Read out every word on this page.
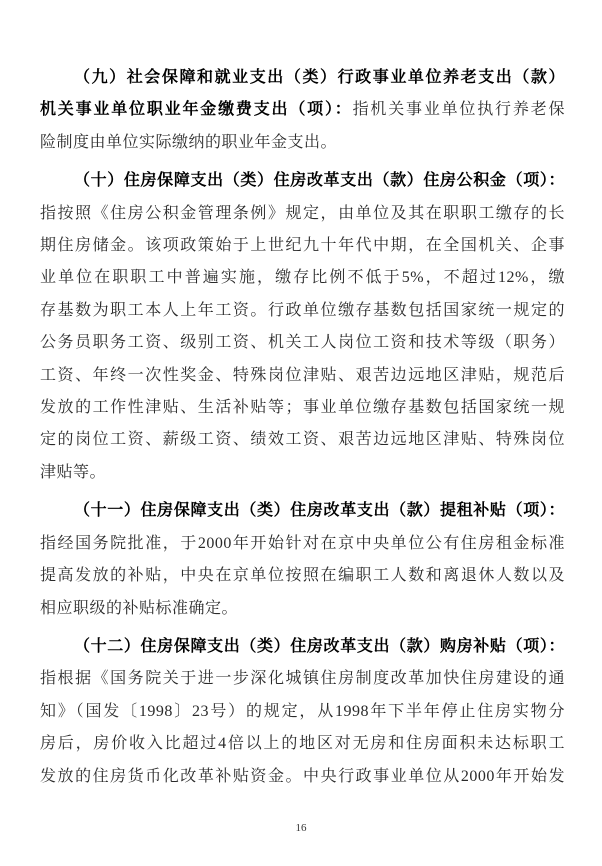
（九）社会保障和就业支出（类）行政事业单位养老支出（款）
机关事业单位职业年金缴费支出（项）：指机关事业单位执行养老保
险制度由单位实际缴纳的职业年金支出。
（十）住房保障支出（类）住房改革支出（款）住房公积金（项）：
指按照《住房公积金管理条例》规定，由单位及其在职职工缴存的长
期住房储金。该项政策始于上世纪九十年代中期，在全国机关、企事
业单位在职职工中普遍实施，缴存比例不低于5%，不超过12%，缴
存基数为职工本人上年工资。行政单位缴存基数包括国家统一规定的
公务员职务工资、级别工资、机关工人岗位工资和技术等级（职务）
工资、年终一次性奖金、特殊岗位津贴、艰苦边远地区津贴，规范后
发放的工作性津贴、生活补贴等；事业单位缴存基数包括国家统一规
定的岗位工资、薪级工资、绩效工资、艰苦边远地区津贴、特殊岗位
津贴等。
（十一）住房保障支出（类）住房改革支出（款）提租补贴（项）：
指经国务院批准，于2000年开始针对在京中央单位公有住房租金标准
提高发放的补贴，中央在京单位按照在编职工人数和离退休人数以及
相应职级的补贴标准确定。
（十二）住房保障支出（类）住房改革支出（款）购房补贴（项）：
指根据《国务院关于进一步深化城镇住房制度改革加快住房建设的通
知》（国发〔1998〕23号）的规定，从1998年下半年停止住房实物分
房后，房价收入比超过4倍以上的地区对无房和住房面积未达标职工
发放的住房货币化改革补贴资金。中央行政事业单位从2000年开始发
16
